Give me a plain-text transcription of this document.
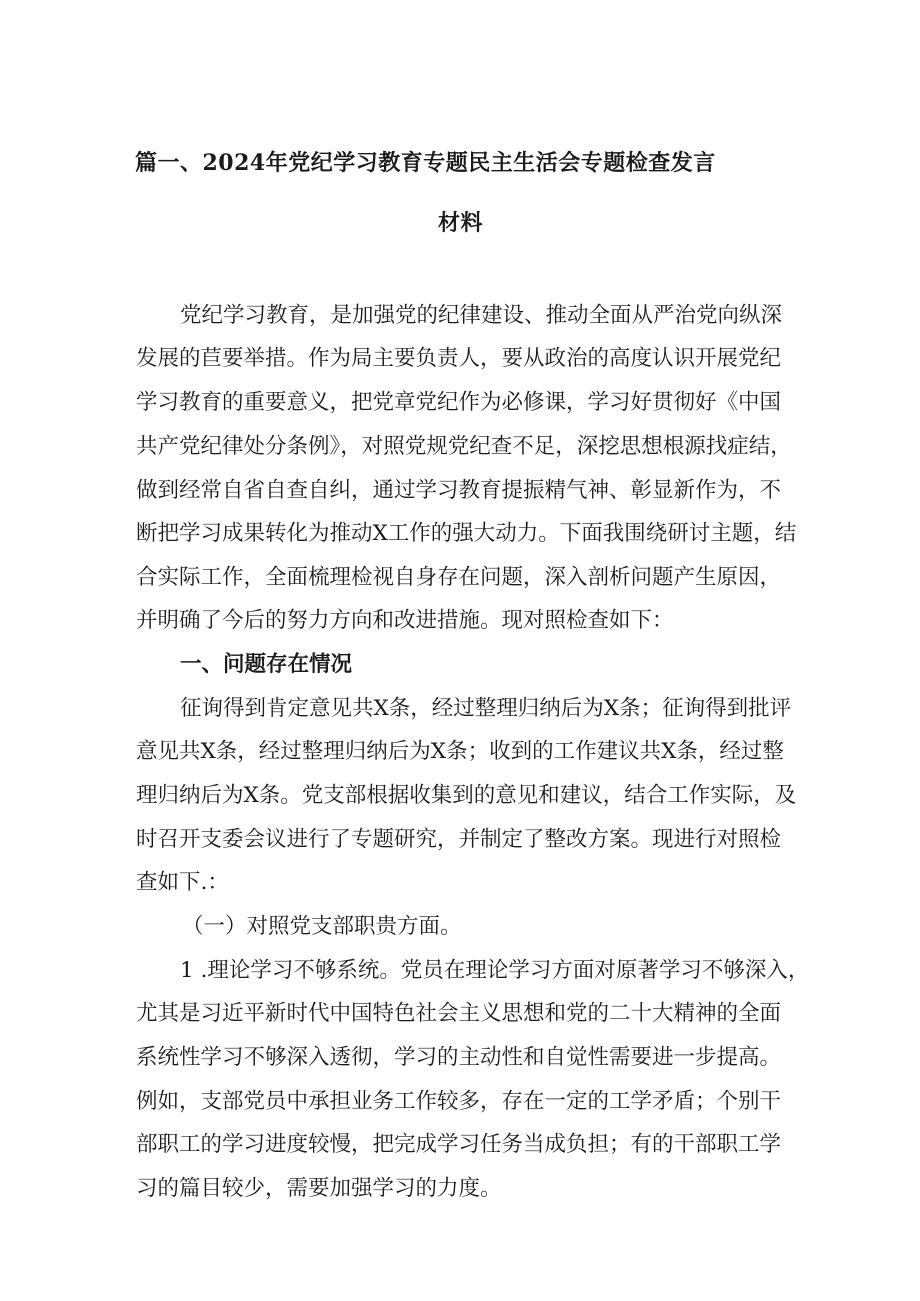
篇一、2024年党纪学习教育专题民主生活会专题检查发言
材料
党纪学习教育，是加强党的纪律建设、推动全面从严治党向纵深
发展的苣要举措。作为局主要负责人，要从政治的高度认识开展党纪
学习教育的重要意义，把党章党纪作为必修课，学习好贯彻好《中国
共产党纪律处分条例》，对照党规党纪查不足，深挖思想根源找症结，
做到经常自省自查自纠，通过学习教育提振精气神、彰显新作为，不
断把学习成果转化为推动X工作的强大动力。下面我围绕研讨主题，结
合实际工作，全面梳理检视自身存在问题，深入剖析问题产生原因，
并明确了今后的努力方向和改进措施。现对照检查如下：
一、问题存在情况
征询得到肯定意见共X条，经过整理归纳后为X条；征询得到批评
意见共X条，经过整理归纳后为X条；收到的工作建议共X条，经过整
理归纳后为X条。党支部根据收集到的意见和建议，结合工作实际，及
时召开支委会议进行了专题研究，并制定了整改方案。现进行对照检
查如下.：
（一）对照党支部职贵方面。
1 .理论学习不够系统。党员在理论学习方面对原著学习不够深入，
尤其是习近平新时代中国特色社会主义思想和党的二十大精神的全面
系统性学习不够深入透彻，学习的主动性和自觉性需要进一步提高。
例如，支部党员中承担业务工作较多，存在一定的工学矛盾；个别干
部职工的学习进度较慢，把完成学习任务当成负担；有的干部职工学
习的篇目较少，需要加强学习的力度。
